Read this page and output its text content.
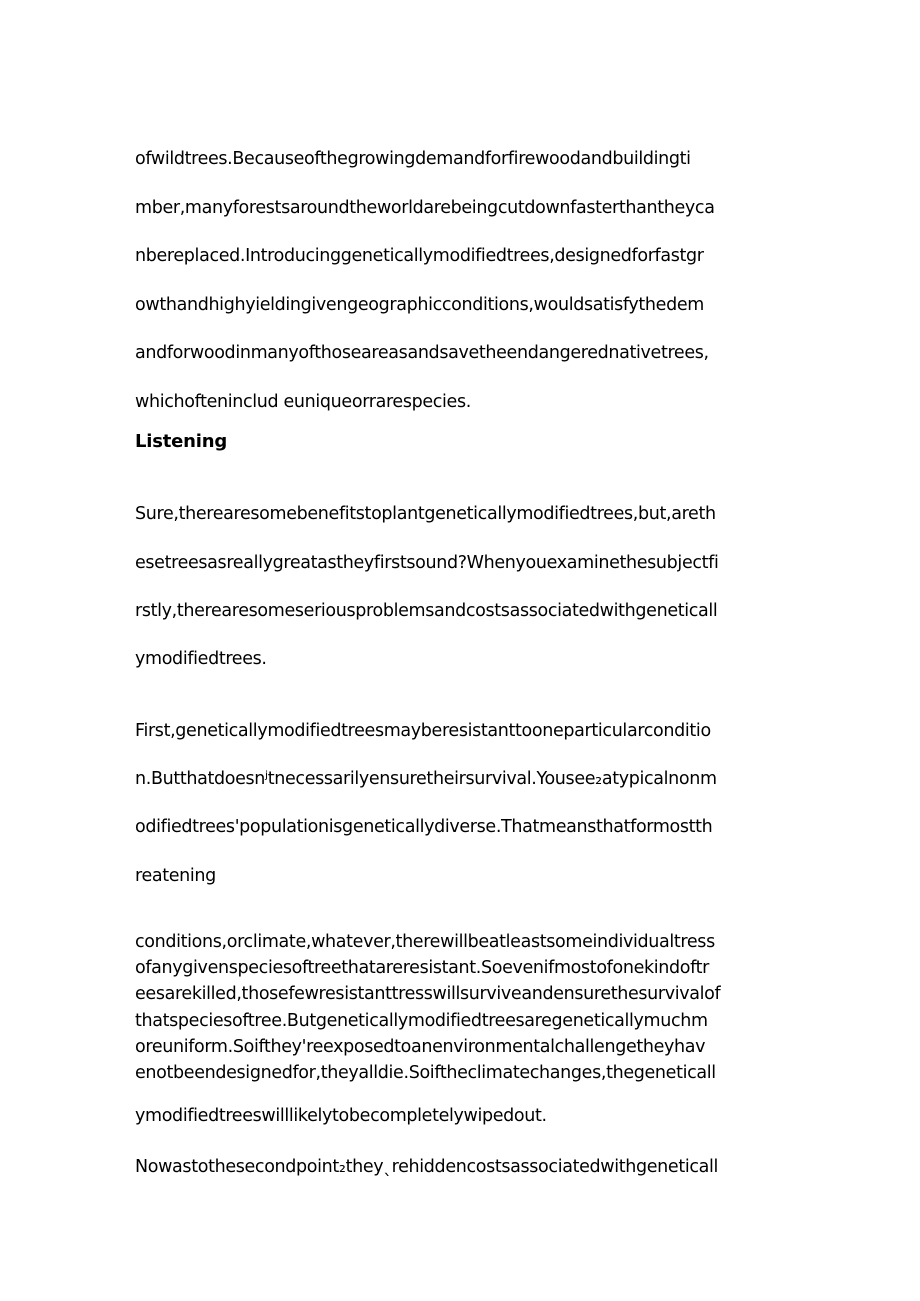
ofwildtrees.Becauseofthegrowingdemandforfirewoodandbuildingti
mber,manyforestsaroundtheworldarebeingcutdownfasterthantheyca
nbereplaced.Introducinggeneticallymodifiedtrees,designedforfastgr
owthandhighyieldingivengeographicconditions,wouldsatisfythedem
andforwoodinmanyofthoseareasandsavetheendangerednativetrees,
whichofteninclud euniqueorrarespecies.
Listening
Sure,therearesomebenefitstoplantgeneticallymodifiedtrees,but,areth
esetreesasreallygreatastheyfirstsound?Whenyouexaminethesubjectfi
rstly,therearesomeseriousproblemsandcostsassociatedwithgeneticall
ymodifiedtrees.
First,geneticallymodifiedtreesmayberesistanttooneparticularconditio
n.Butthatdoesnʲtnecessarilyensuretheirsurvival.Yousee₂atypicalnonm
odifiedtrees'populationisgeneticallydiverse.Thatmeansthatformostth
reatening
conditions,orclimate,whatever,therewillbeatleastsomeindividualtress
ofanygivenspeciesoftreethatareresistant.Soevenifmostofonekindoftr
eesarekilled,thosefewresistanttresswillsurviveandensurethesurvivalof
thatspeciesoftree.Butgeneticallymodifiedtreesaregeneticallymuchm
oreuniform.Soifthey'reexposedtoanenvironmentalchallengetheyhav
enotbeendesignedfor,theyalldie.Soiftheclimatechanges,thegeneticall
ymodifiedtreeswilllikelytobecompletelywipedout.
Nowastothesecondpoint₂theyˎrehiddencostsassociatedwithgeneticall
